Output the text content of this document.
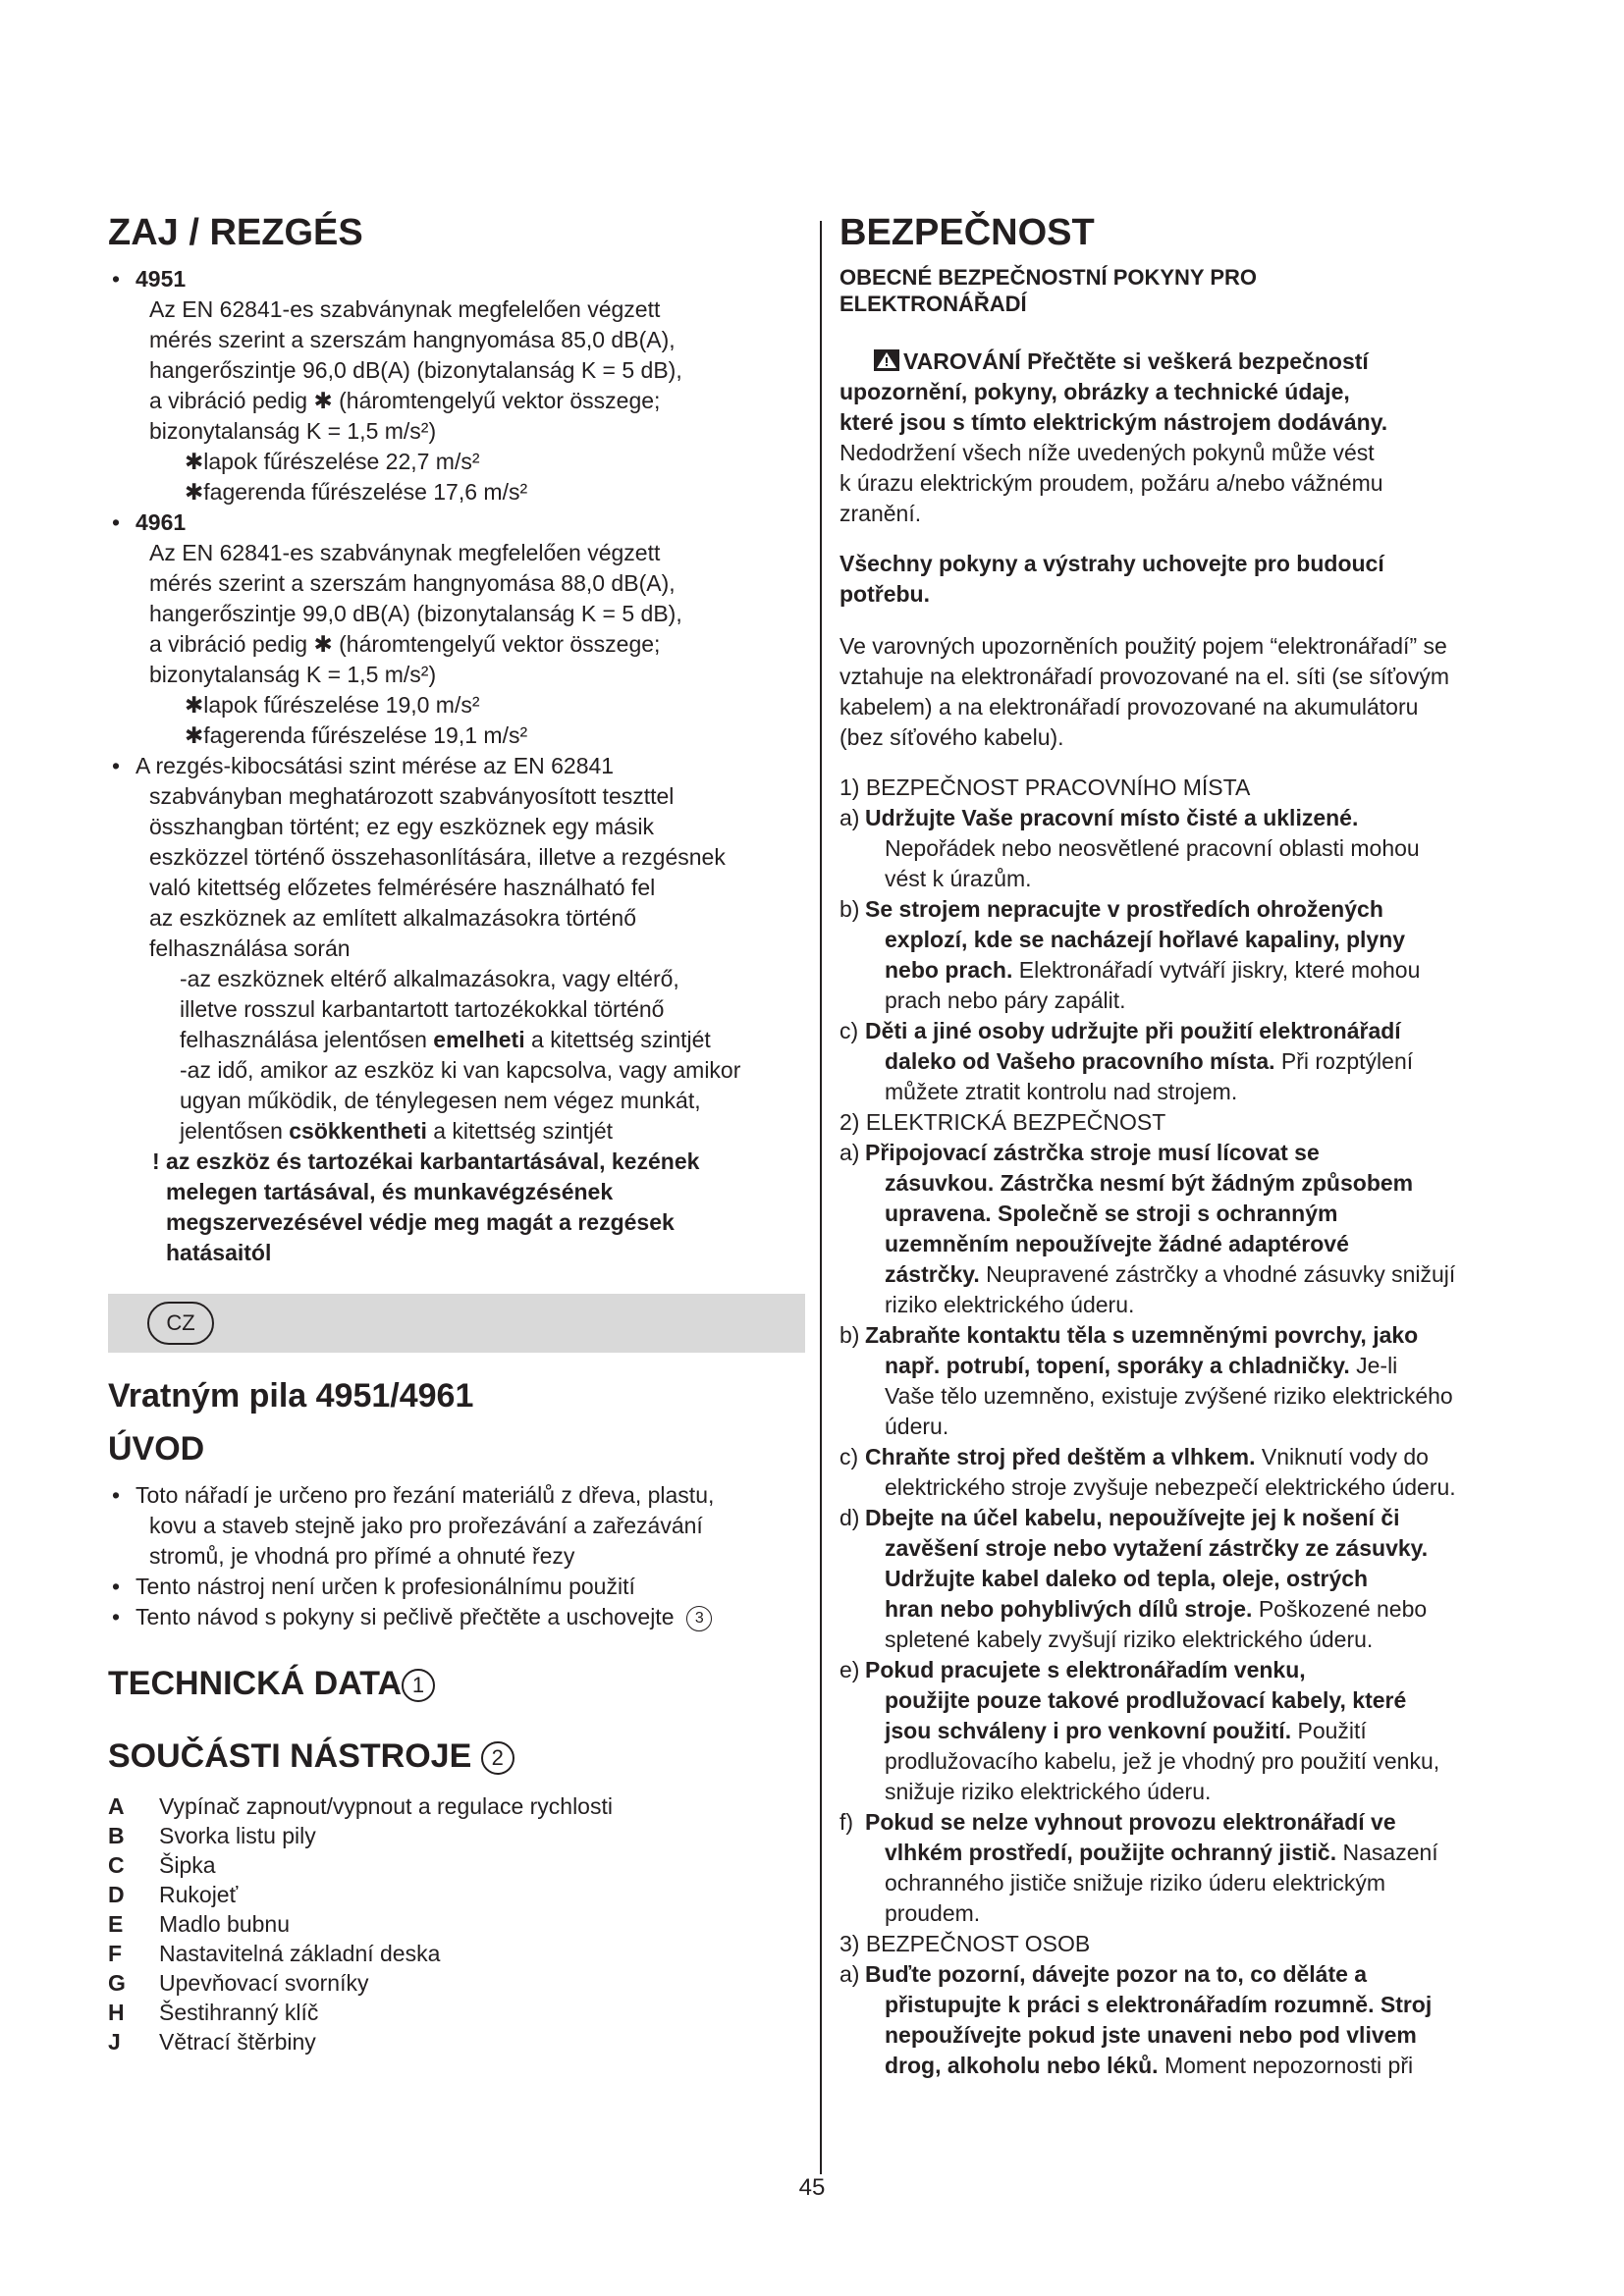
ZAJ / REZGÉS
• 4951
Az EN 62841-es szabványnak megfelelően végzett
mérés szerint a szerszám hangnyomása 85,0 dB(A),
hangerőszintje 96,0 dB(A) (bizonytalanság K = 5 dB),
a vibráció pedig ✱ (háromtengelyű vektor összege;
bizonytalanság K = 1,5 m/s²)
✱lapok fűrészelése 22,7 m/s²
✱fagerenda fűrészelése 17,6 m/s²
• 4961
Az EN 62841-es szabványnak megfelelően végzett
mérés szerint a szerszám hangnyomása 88,0 dB(A),
hangerőszintje 99,0 dB(A) (bizonytalanság K = 5 dB),
a vibráció pedig ✱ (háromtengelyű vektor összege;
bizonytalanság K = 1,5 m/s²)
✱lapok fűrészelése 19,0 m/s²
✱fagerenda fűrészelése 19,1 m/s²
• A rezgés-kibocsátási szint mérése az EN 62841
szabványban meghatározott szabványosított teszttel
összhangban történt; ez egy eszköznek egy másik
eszközzel történő összehasonlítására, illetve a rezgésnek
való kitettség előzetes felmérésére használható fel
az eszköznek az említett alkalmazásokra történő
felhasználása során
-az eszköznek eltérő alkalmazásokra, vagy eltérő,
illetve rosszul karbantartott tartozékokkal történő
felhasználása jelentősen emelheti a kitettség szintjét
-az idő, amikor az eszköz ki van kapcsolva, vagy amikor
ugyan működik, de ténylegesen nem végez munkát,
jelentősen csökkentheti a kitettség szintjét
! az eszköz és tartozékai karbantartásával, kezének
melegen tartásával, és munkavégzésének
megszervezésével védje meg magát a rezgések
hatásaitól
CZ
Vratným pila 4951/4961
ÚVOD
• Toto nářadí je určeno pro řezání materiálů z dřeva, plastu,
kovu a staveb stejně jako pro prořezávání a zařezávání
stromů, je vhodná pro přímé a ohnuté řezy
• Tento nástroj není určen k profesionálnímu použití
• Tento návod s pokyny si pečlivě přečtěte a uschovejte 3
TECHNICKÁ DATA 1
SOUČÁSTI NÁSTROJE 2
A	Vypínač zapnout/vypnout a regulace rychlosti
B	Svorka listu pily
C	Šipka
D	Rukojeť
E	Madlo bubnu
F	Nastavitelná základní deska
G	Upevňovací svorníky
H	Šestihranný klíč
J	Větrací štěrbiny
BEZPEČNOST
OBECNÉ BEZPEČNOSTNÍ POKYNY PRO
ELEKTRONÁŘADÍ
VAROVÁNÍ Přečtěte si veškerá bezpečností
upozornění, pokyny, obrázky a technické údaje,
které jsou s tímto elektrickým nástrojem dodávány.
Nedodržení všech níže uvedených pokynů může vést
k úrazu elektrickým proudem, požáru a/nebo vážnému
zranění.
Všechny pokyny a výstrahy uchovejte pro budoucí
potřebu.
Ve varovných upozorněních použitý pojem “elektronářadí” se
vztahuje na elektronářadí provozované na el. síti (se síťovým
kabelem) a na elektronářadí provozované na akumulátoru
(bez síťového kabelu).
1) BEZPEČNOST PRACOVNÍHO MÍSTA
a) Udržujte Vaše pracovní místo čisté a uklizené.
Nepořádek nebo neosvětlené pracovní oblasti mohou
vést k úrazům.
b) Se strojem nepracujte v prostředích ohrožených
explozí, kde se nacházejí hořlavé kapaliny, plyny
nebo prach. Elektronářadí vytváří jiskry, které mohou
prach nebo páry zapálit.
c) Děti a jiné osoby udržujte při použití elektronářadí
daleko od Vašeho pracovního místa. Při rozptýlení
můžete ztratit kontrolu nad strojem.
2) ELEKTRICKÁ BEZPEČNOST
a) Připojovací zástrčka stroje musí lícovat se
zásuvkou. Zástrčka nesmí být žádným způsobem
upravena. Společně se stroji s ochranným
uzemněním nepoužívejte žádné adaptérové
zástrčky. Neupravené zástrčky a vhodné zásuvky snižují
riziko elektrického úderu.
b) Zabraňte kontaktu těla s uzemněnými povrchy, jako
např. potrubí, topení, sporáky a chladničky. Je-li
Vaše tělo uzemněno, existuje zvýšené riziko elektrického
úderu.
c) Chraňte stroj před deštěm a vlhkem. Vniknutí vody do
elektrického stroje zvyšuje nebezpečí elektrického úderu.
d) Dbejte na účel kabelu, nepoužívejte jej k nošení či
zavěšení stroje nebo vytažení zástrčky ze zásuvky.
Udržujte kabel daleko od tepla, oleje, ostrých
hran nebo pohyblivých dílů stroje. Poškozené nebo
spletené kabely zvyšují riziko elektrického úderu.
e) Pokud pracujete s elektronářadím venku,
použijte pouze takové prodlužovací kabely, které
jsou schváleny i pro venkovní použití. Použití
prodlužovacího kabelu, jež je vhodný pro použití venku,
snižuje riziko elektrického úderu.
f) Pokud se nelze vyhnout provozu elektronářadí ve
vlhkém prostředí, použijte ochranný jistič. Nasazení
ochranného jističe snižuje riziko úderu elektrickým
proudem.
3) BEZPEČNOST OSOB
a) Buďte pozorní, dávejte pozor na to, co děláte a
přistupujte k práci s elektronářadím rozumně. Stroj
nepoužívejte pokud jste unaveni nebo pod vlivem
drog, alkoholu nebo léků. Moment nepozornosti při
45
